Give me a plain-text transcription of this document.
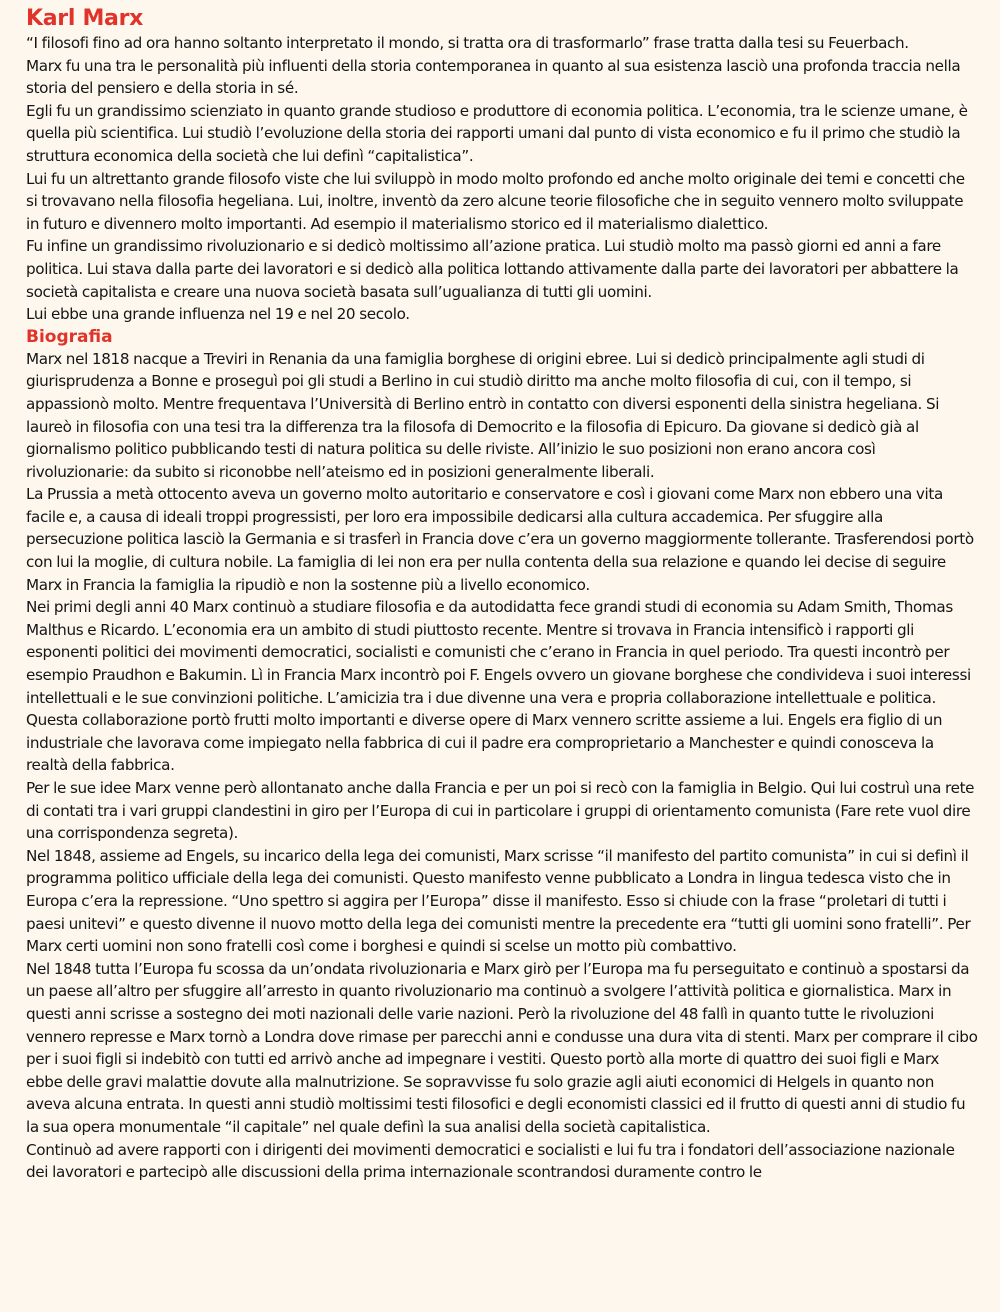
Karl Marx

“I filosofi fino ad ora hanno soltanto interpretato il mondo, si tratta ora di trasformarlo” frase tratta dalla tesi su Feuerbach.

Marx fu una tra le personalità più influenti della storia contemporanea in quanto al sua esistenza lasciò una profonda traccia nella storia del pensiero e della storia in sé.

Egli fu un grandissimo scienziato in quanto grande studioso e produttore di economia politica. L’economia, tra le scienze umane, è quella più scientifica. Lui studiò l’evoluzione della storia dei rapporti umani dal punto di vista economico e fu il primo che studiò la struttura economica della società che lui definì “capitalistica”.

Lui fu un altrettanto grande filosofo viste che lui sviluppò in modo molto profondo ed anche molto originale dei temi e concetti che si trovavano nella filosofia hegeliana. Lui, inoltre, inventò da zero alcune teorie filosofiche che in seguito vennero molto sviluppate in futuro e divennero molto importanti. Ad esempio il materialismo storico ed il materialismo dialettico.

Fu infine un grandissimo rivoluzionario e si dedicò moltissimo all’azione pratica. Lui studiò molto ma passò giorni ed anni a fare politica. Lui stava dalla parte dei lavoratori e si dedicò alla politica lottando attivamente dalla parte dei lavoratori per abbattere la società capitalista e creare una nuova società basata sull’ugualianza di tutti gli uomini.

Lui ebbe una grande influenza nel 19 e nel 20 secolo.

Biografia

Marx nel 1818 nacque a Treviri in Renania da una famiglia borghese di origini ebree. Lui si dedicò principalmente agli studi di giurisprudenza a Bonne e proseguì poi gli studi a Berlino in cui studiò diritto ma anche molto filosofia di cui, con il tempo, si appassionò molto. Mentre frequentava l’Università di Berlino entrò in contatto con diversi esponenti della sinistra hegeliana. Si laureò in filosofia con una tesi tra la differenza tra la filosofa di Democrito e la filosofia di Epicuro. Da giovane si dedicò già al giornalismo politico pubblicando testi di natura politica su delle riviste. All’inizio le suo posizioni non erano ancora così rivoluzionarie: da subito si riconobbe nell’ateismo ed in posizioni generalmente liberali.

La Prussia a metà ottocento aveva un governo molto autoritario e conservatore e così i giovani come Marx non ebbero una vita facile e, a causa di ideali troppi progressisti, per loro era impossibile dedicarsi alla cultura accademica. Per sfuggire alla persecuzione politica lasciò la Germania e si trasferì in Francia dove c’era un governo maggiormente tollerante. Trasferendosi portò con lui la moglie, di cultura nobile. La famiglia di lei non era per nulla contenta della sua relazione e quando lei decise di seguire Marx in Francia la famiglia la ripudiò e non la sostenne più a livello economico.

Nei primi degli anni 40 Marx continuò a studiare filosofia e da autodidatta fece grandi studi di economia su Adam Smith, Thomas Malthus e Ricardo. L’economia era un ambito di studi piuttosto recente. Mentre si trovava in Francia intensificò i rapporti gli esponenti politici dei movimenti democratici, socialisti e comunisti che c’erano in Francia in quel periodo. Tra questi incontrò per esempio Praudhon e Bakumin. Lì in Francia Marx incontrò poi F. Engels ovvero un giovane borghese che condivideva i suoi interessi intellettuali e le sue convinzioni politiche. L’amicizia tra i due divenne una vera e propria collaborazione intellettuale e politica. Questa collaborazione portò frutti molto importanti e diverse opere di Marx vennero scritte assieme a lui. Engels era figlio di un industriale che lavorava come impiegato nella fabbrica di cui il padre era comproprietario a Manchester e quindi conosceva la realtà della fabbrica.

Per le sue idee Marx venne però allontanato anche dalla Francia e per un poi si recò con la famiglia in Belgio. Qui lui costruì una rete di contati tra i vari gruppi clandestini in giro per l’Europa di cui in particolare i gruppi di orientamento comunista (Fare rete vuol dire una corrispondenza segreta).

Nel 1848, assieme ad Engels, su incarico della lega dei comunisti, Marx scrisse “il manifesto del partito comunista” in cui si definì il programma politico ufficiale della lega dei comunisti. Questo manifesto venne pubblicato a Londra in lingua tedesca visto che in Europa c’era la repressione. “Uno spettro si aggira per l’Europa” disse il manifesto. Esso si chiude con la frase “proletari di tutti i paesi unitevi” e questo divenne il nuovo motto della lega dei comunisti mentre la precedente era “tutti gli uomini sono fratelli”. Per Marx certi uomini non sono fratelli così come i borghesi e quindi si scelse un motto più combattivo.

Nel 1848 tutta l’Europa fu scossa da un’ondata rivoluzionaria e Marx girò per l’Europa ma fu perseguitato e continuò a spostarsi da un paese all’altro per sfuggire all’arresto in quanto rivoluzionario ma continuò a svolgere l’attività politica e giornalistica. Marx in questi anni scrisse a sostegno dei moti nazionali delle varie nazioni. Però la rivoluzione del 48 fallì in quanto tutte le rivoluzioni vennero represse e Marx tornò a Londra dove rimase per parecchi anni e condusse una dura vita di stenti. Marx per comprare il cibo per i suoi figli si indebitò con tutti ed arrivò anche ad impegnare i vestiti. Questo portò alla morte di quattro dei suoi figli e Marx ebbe delle gravi malattie dovute alla malnutrizione. Se sopravvisse fu solo grazie agli aiuti economici di Helgels in quanto non aveva alcuna entrata. In questi anni studiò moltissimi testi filosofici e degli economisti classici ed il frutto di questi anni di studio fu la sua opera monumentale “il capitale” nel quale definì la sua analisi della società capitalistica.

Continuò ad avere rapporti con i dirigenti dei movimenti democratici e socialisti e lui fu tra i fondatori dell’associazione nazionale dei lavoratori e partecipò alle discussioni della prima internazionale scontrandosi duramente contro le
